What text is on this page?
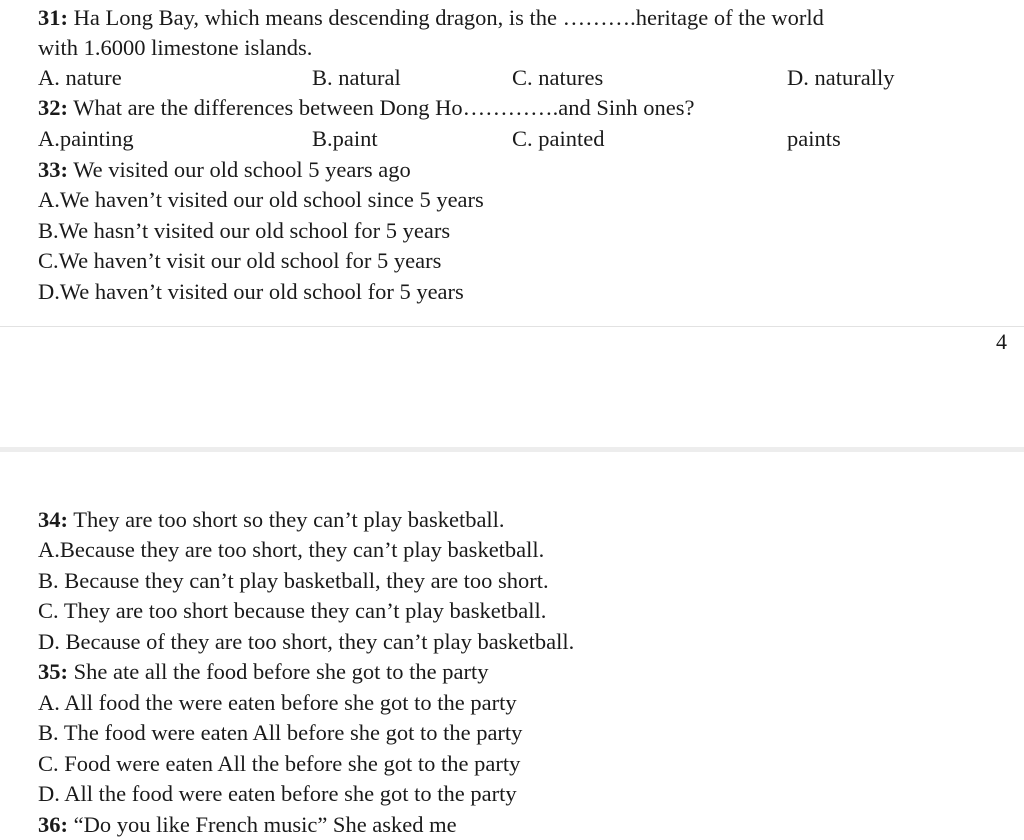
31: Ha Long Bay, which means descending dragon, is the ……….heritage of the world
with 1.6000 limestone islands.
A. nature	B. natural	C. natures	D. naturally
32: What are the differences between Dong Ho………….and Sinh ones?
A.painting	B.paint	C. painted	paints
33: We visited our old school 5 years ago
A.We haven’t visited our old school since 5 years
B.We hasn’t visited our old school for 5 years
C.We haven’t visit our old school for 5 years
D.We haven’t visited our old school for 5 years
4
34: They are too short so they can’t play basketball.
A.Because they are too short, they can’t play basketball.
B. Because they can’t play basketball, they are too short.
C. They are too short because they can’t play basketball.
D. Because of they are too short, they can’t play basketball.
35: She ate all the food before she got to the party
A. All food the were eaten before she got to the party
B. The food were eaten All before she got to the party
C. Food were eaten All the before she got to the party
D. All the food were eaten before she got to the party
36: “Do you like French music” She asked me
